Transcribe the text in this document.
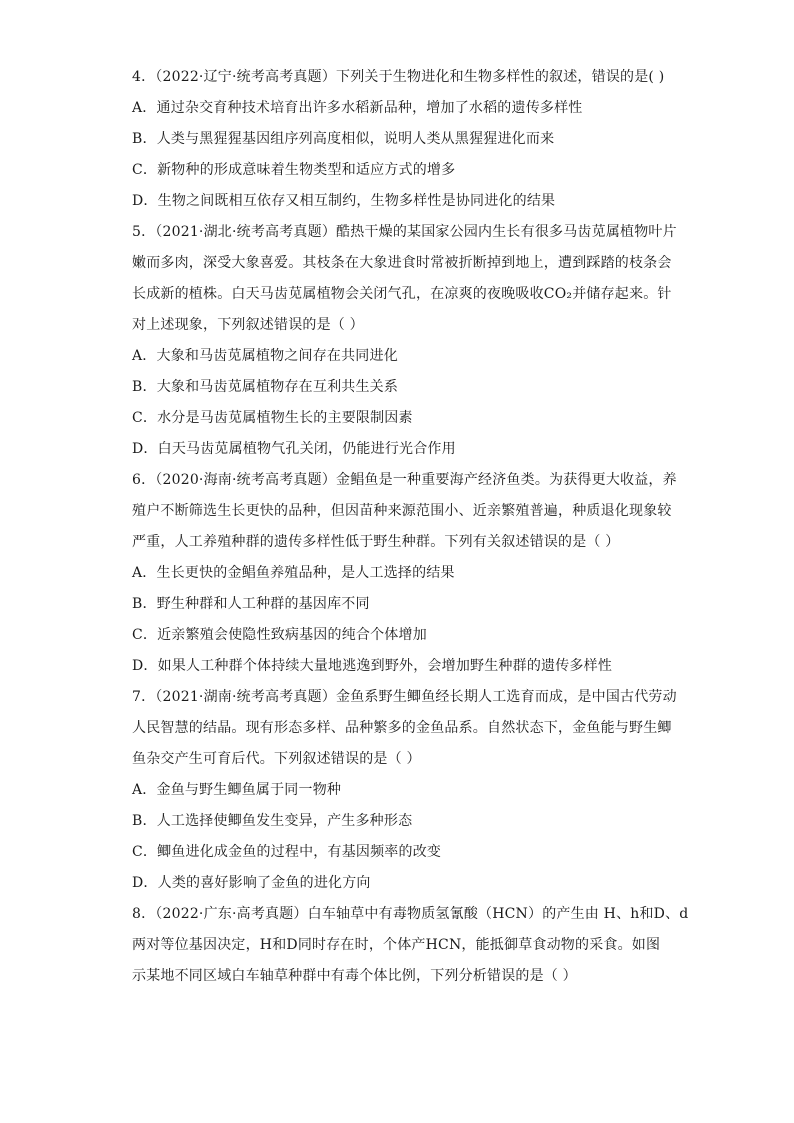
4．（2022·辽宁·统考高考真题）下列关于生物进化和生物多样性的叙述，错误的是( )
A．通过杂交育种技术培育出许多水稻新品种，增加了水稻的遗传多样性
B．人类与黑猩猩基因组序列高度相似，说明人类从黑猩猩进化而来
C．新物种的形成意味着生物类型和适应方式的增多
D．生物之间既相互依存又相互制约，生物多样性是协同进化的结果
5．（2021·湖北·统考高考真题）酷热干燥的某国家公园内生长有很多马齿苋属植物叶片
嫩而多肉，深受大象喜爱。其枝条在大象进食时常被折断掉到地上，遭到踩踏的枝条会
长成新的植株。白天马齿苋属植物会关闭气孔，在凉爽的夜晚吸收CO₂并储存起来。针
对上述现象，下列叙述错误的是（ ）
A．大象和马齿苋属植物之间存在共同进化
B．大象和马齿苋属植物存在互利共生关系
C．水分是马齿苋属植物生长的主要限制因素
D．白天马齿苋属植物气孔关闭，仍能进行光合作用
6．（2020·海南·统考高考真题）金鲳鱼是一种重要海产经济鱼类。为获得更大收益，养
殖户不断筛选生长更快的品种，但因苗种来源范围小、近亲繁殖普遍，种质退化现象较
严重，人工养殖种群的遗传多样性低于野生种群。下列有关叙述错误的是（ ）
A．生长更快的金鲳鱼养殖品种，是人工选择的结果
B．野生种群和人工种群的基因库不同
C．近亲繁殖会使隐性致病基因的纯合个体增加
D．如果人工种群个体持续大量地逃逸到野外，会增加野生种群的遗传多样性
7．（2021·湖南·统考高考真题）金鱼系野生鲫鱼经长期人工选育而成，是中国古代劳动
人民智慧的结晶。现有形态多样、品种繁多的金鱼品系。自然状态下，金鱼能与野生鲫
鱼杂交产生可育后代。下列叙述错误的是（ ）
A．金鱼与野生鲫鱼属于同一物种
B．人工选择使鲫鱼发生变异，产生多种形态
C．鲫鱼进化成金鱼的过程中，有基因频率的改变
D．人类的喜好影响了金鱼的进化方向
8．（2022·广东·高考真题）白车轴草中有毒物质氢氰酸（HCN）的产生由 H、h和D、d
两对等位基因决定，H和D同时存在时，个体产HCN，能抵御草食动物的采食。如图
示某地不同区域白车轴草种群中有毒个体比例，下列分析错误的是（ ）
